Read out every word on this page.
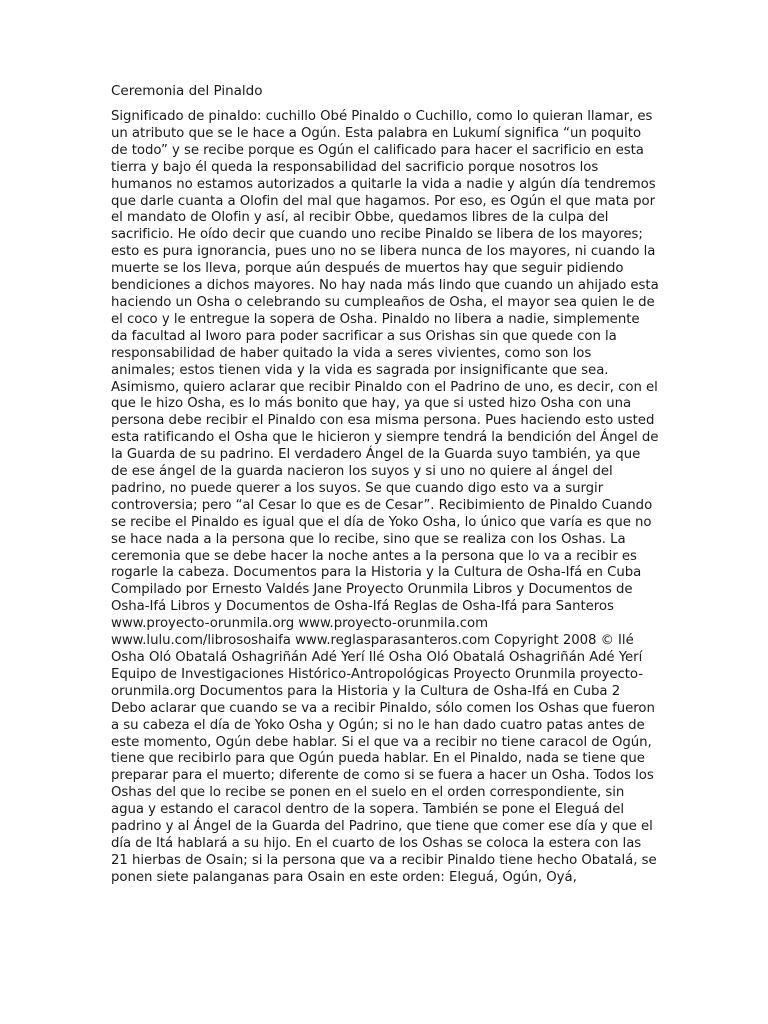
Ceremonia del Pinaldo

Significado de pinaldo: cuchillo Obé Pinaldo o Cuchillo, como lo quieran llamar, es un atributo que se le hace a Ogún. Esta palabra en Lukumí significa “un poquito de todo” y se recibe porque es Ogún el calificado para hacer el sacrificio en esta tierra y bajo él queda la responsabilidad del sacrificio porque nosotros los humanos no estamos autorizados a quitarle la vida a nadie y algún día tendremos que darle cuanta a Olofin del mal que hagamos. Por eso, es Ogún el que mata por el mandato de Olofin y así, al recibir Obbe, quedamos libres de la culpa del sacrificio. He oído decir que cuando uno recibe Pinaldo se libera de los mayores; esto es pura ignorancia, pues uno no se libera nunca de los mayores, ni cuando la muerte se los lleva, porque aún después de muertos hay que seguir pidiendo bendiciones a dichos mayores. No hay nada más lindo que cuando un ahijado esta haciendo un Osha o celebrando su cumpleaños de Osha, el mayor sea quien le de el coco y le entregue la sopera de Osha. Pinaldo no libera a nadie, simplemente da facultad al Iworo para poder sacrificar a sus Orishas sin que quede con la responsabilidad de haber quitado la vida a seres vivientes, como son los animales; estos tienen vida y la vida es sagrada por insignificante que sea. Asimismo, quiero aclarar que recibir Pinaldo con el Padrino de uno, es decir, con el que le hizo Osha, es lo más bonito que hay, ya que si usted hizo Osha con una persona debe recibir el Pinaldo con esa misma persona. Pues haciendo esto usted esta ratificando el Osha que le hicieron y siempre tendrá la bendición del Ángel de la Guarda de su padrino. El verdadero Ángel de la Guarda suyo también, ya que de ese ángel de la guarda nacieron los suyos y si uno no quiere al ángel del padrino, no puede querer a los suyos. Se que cuando digo esto va a surgir controversia; pero “al Cesar lo que es de Cesar”. Recibimiento de Pinaldo Cuando se recibe el Pinaldo es igual que el día de Yoko Osha, lo único que varía es que no se hace nada a la persona que lo recibe, sino que se realiza con los Oshas. La ceremonia que se debe hacer la noche antes a la persona que lo va a recibir es rogarle la cabeza. Documentos para la Historia y la Cultura de Osha-Ifá en Cuba Compilado por Ernesto Valdés Jane Proyecto Orunmila Libros y Documentos de Osha-Ifá Libros y Documentos de Osha-Ifá Reglas de Osha-Ifá para Santeros www.proyecto-orunmila.org www.proyecto-orunmila.com www.lulu.com/librososhaifa www.reglasparasanteros.com Copyright 2008 © Ilé Osha Oló Obatalá Oshagriñán Adé Yerí Ilé Osha Oló Obatalá Oshagriñán Adé Yerí Equipo de Investigaciones Histórico-Antropológicas Proyecto Orunmila proyecto-orunmila.org Documentos para la Historia y la Cultura de Osha-Ifá en Cuba 2 Debo aclarar que cuando se va a recibir Pinaldo, sólo comen los Oshas que fueron a su cabeza el día de Yoko Osha y Ogún; si no le han dado cuatro patas antes de este momento, Ogún debe hablar. Si el que va a recibir no tiene caracol de Ogún, tiene que recibirlo para que Ogún pueda hablar. En el Pinaldo, nada se tiene que preparar para el muerto; diferente de como si se fuera a hacer un Osha. Todos los Oshas del que lo recibe se ponen en el suelo en el orden correspondiente, sin agua y estando el caracol dentro de la sopera. También se pone el Eleguá del padrino y al Ángel de la Guarda del Padrino, que tiene que comer ese día y que el día de Itá hablará a su hijo. En el cuarto de los Oshas se coloca la estera con las 21 hierbas de Osain; si la persona que va a recibir Pinaldo tiene hecho Obatalá, se ponen siete palanganas para Osain en este orden: Eleguá, Ogún, Oyá,
